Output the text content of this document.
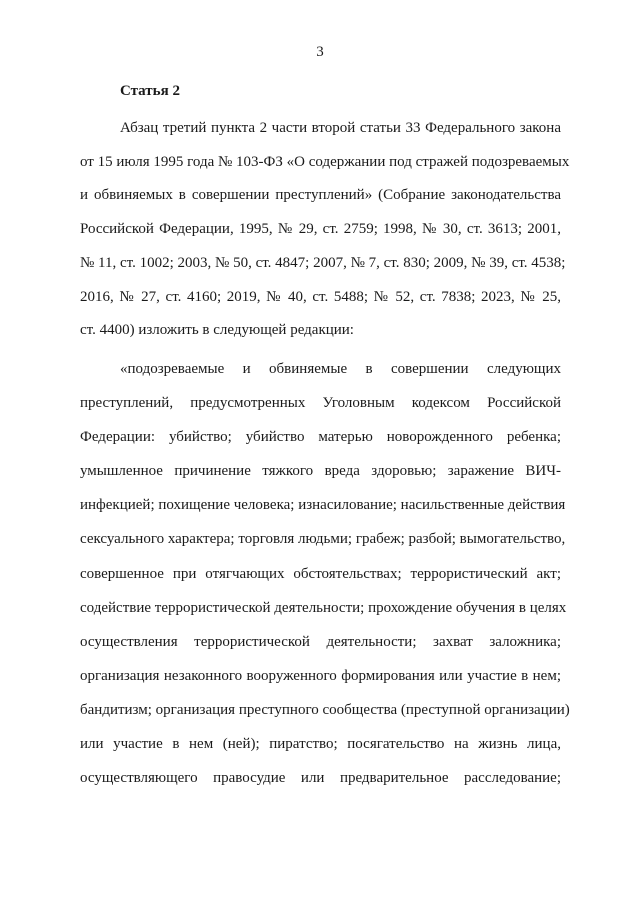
3
Статья 2
Абзац третий пункта 2 части второй статьи 33 Федерального закона
от 15 июля 1995 года № 103-ФЗ «О содержании под стражей подозреваемых
и обвиняемых в совершении преступлений» (Собрание законодательства
Российской Федерации, 1995, № 29, ст. 2759; 1998, № 30, ст. 3613; 2001,
№ 11, ст. 1002; 2003, № 50, ст. 4847; 2007, № 7, ст. 830; 2009, № 39, ст. 4538;
2016, № 27, ст. 4160; 2019, № 40, ст. 5488; № 52, ст. 7838; 2023, № 25,
ст. 4400) изложить в следующей редакции:
«подозреваемые и обвиняемые в совершении следующих
преступлений, предусмотренных Уголовным кодексом Российской
Федерации: убийство; убийство матерью новорожденного ребенка;
умышленное причинение тяжкого вреда здоровью; заражение ВИЧ-
инфекцией; похищение человека; изнасилование; насильственные действия
сексуального характера; торговля людьми; грабеж; разбой; вымогательство,
совершенное при отягчающих обстоятельствах; террористический акт;
содействие террористической деятельности; прохождение обучения в целях
осуществления террористической деятельности; захват заложника;
организация незаконного вооруженного формирования или участие в нем;
бандитизм; организация преступного сообщества (преступной организации)
или участие в нем (ней); пиратство; посягательство на жизнь лица,
осуществляющего правосудие или предварительное расследование;
